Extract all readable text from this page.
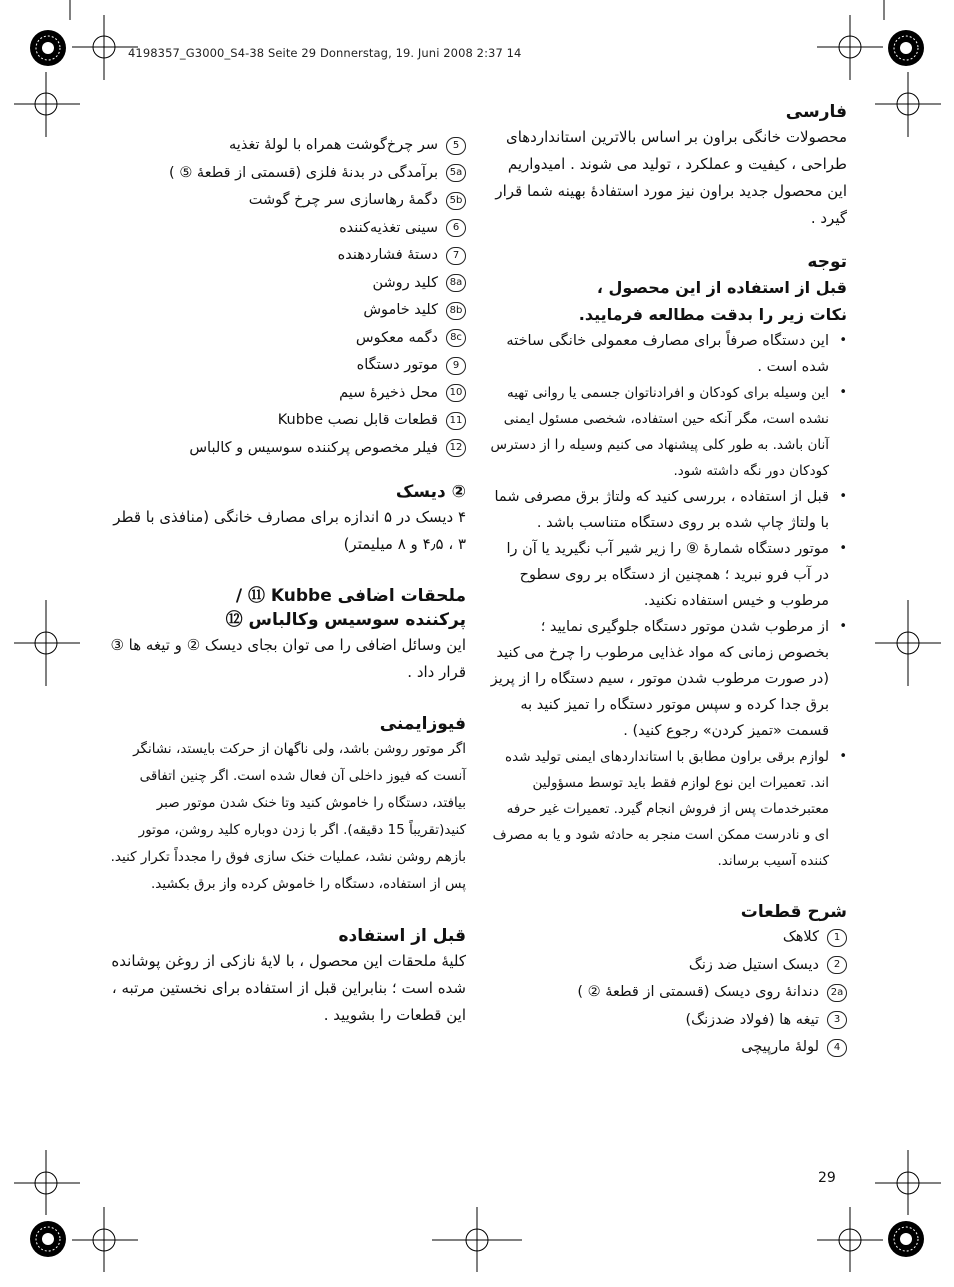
4198357_G3000_S4-38 Seite 29 Donnerstag, 19. Juni 2008 2:37 14
فارسی

محصولات خانگی براون بر اساس بالاترین استانداردهای طراحی ، کیفیت و عملکرد ، تولید می شوند . امیدواریم این محصول جدید براون نیز مورد استفادهٔ بهینه شما قرار گیرد .

توجه

قبل از استفاده از این محصول ،

نکات زیر را بدقت مطالعه فرمایید.

• این دستگاه صرفاً برای مصارف معمولی خانگی ساخته شده است .
• این وسیله برای کودکان و افرادناتوان جسمی یا روانی تهیه نشده است، مگر آنکه حین استفاده، شخصی مسئول ایمنی آنان باشد. به طور کلی پیشنهاد می کنیم وسیله را از دسترس کودکان دور نگه داشته شود.
• قبل از استفاده ، بررسی کنید که ولتاژ برق مصرفی شما با ولتاژ چاپ شده بر روی دستگاه متناسب باشد .
• موتور دستگاه شمارهٔ ⑨ را زیر شیر آب نگیرید یا آن را در آب فرو نبرید ؛ همچنین از دستگاه بر روی سطوح مرطوب و خیس استفاده نکنید.
• از مرطوب شدن موتور دستگاه جلوگیری نمایید ؛ بخصوص زمانی که مواد غذایی مرطوب را چرخ می کنید (در صورت مرطوب شدن موتور ، سیم دستگاه را از پریز برق جدا کرده و سپس موتور دستگاه را تمیز کنید به قسمت «تمیز کردن» رجوع کنید) .
• لوازم برقی براون مطابق با استانداردهای ایمنی تولید شده اند. تعمیرات این نوع لوازم فقط باید توسط مسؤولین معتبرخدمات پس از فروش انجام گیرد. تعمیرات غیر حرفه ای و نادرست ممکن است منجر به حادثه شود و یا به مصرف کننده آسیب برساند.
شرح قطعات
1
کلاهک
2
دیسک استیل ضد زنگ
2a
دندانهٔ روی دیسک (قسمتی از قطعهٔ ② )
3
تیغه ها (فولاد ضدزنگ)
4
لولهٔ مارپیچی
5
سر چرخ‌گوشت همراه با لولهٔ تغذیه
5a
برآمدگی در بدنهٔ فلزی (قسمتی از قطعهٔ ⑤ )
5b
دگمهٔ رهاسازی سر چرخ گوشت
6
سینی تغذیه‌کننده
7
دستهٔ فشاردهنده
8a
کلید روشن
8b
کلید خاموش
8c
دگمه معکوس
9
موتور دستگاه
10
محل ذخیرهٔ سیم
11
قطعات قابل نصب Kubbe
12
فیلر مخصوص پرکننده سوسیس و کالباس
② دیسک

۴ دیسک در ۵ اندازه برای مصارف خانگی (منافذی با قطر ۳ ، ۴٫۵ و ۸ میلیمتر)

ملحقات اضافی Kubbe ⑪ /
پرکننده سوسیس وکالباس ⑫

این وسائل اضافی را می توان بجای دیسک ② و تیغه ها ③ قرار داد .

فیوزایمنی

اگر موتور روشن باشد، ولی ناگهان از حرکت بایستد، نشانگر آنست که فیوز داخلی آن فعال شده است. اگر چنین اتفاقی بیافتد، دستگاه را خاموش کنید وتا خنک شدن موتور صبر کنید(تقریباً 15 دقیقه). اگر با زدن دوباره کلید روشن، موتور بازهم روشن نشد، عملیات خنک سازی فوق را مجدداً تکرار کنید. پس از استفاده، دستگاه را خاموش کرده واز برق بکشید.

قبل از استفاده

کلیهٔ ملحقات این محصول ، با لایهٔ نازکی از روغن پوشانده شده است ؛ بنابراین قبل از استفاده برای نخستین مرتبه ، این قطعات را بشویید .

29
